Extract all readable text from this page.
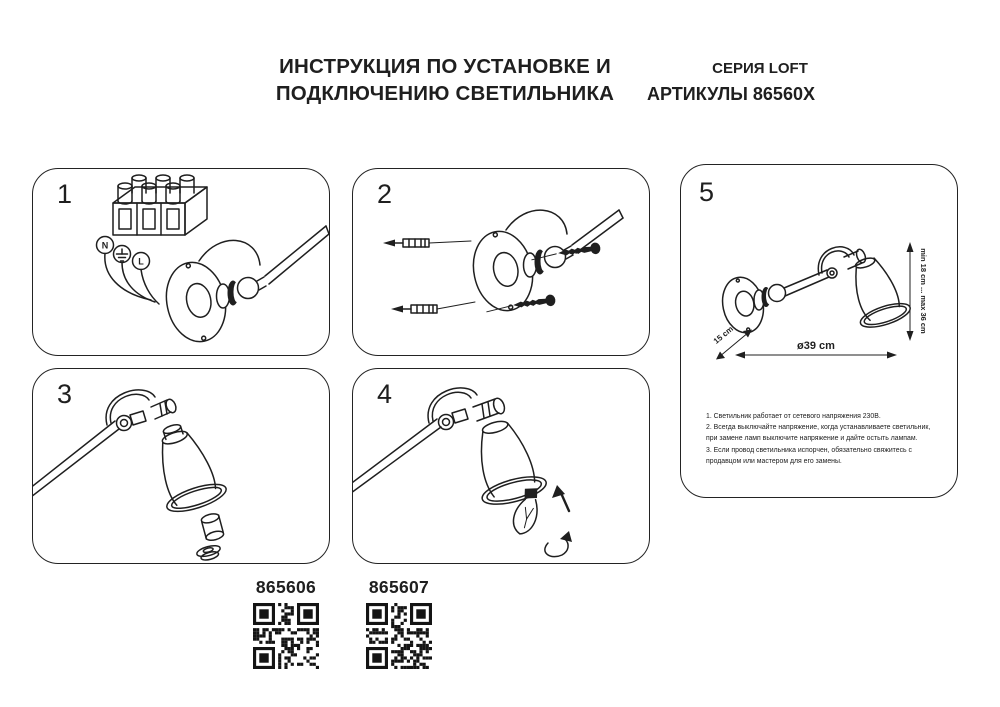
ИНСТРУКЦИЯ ПО УСТАНОВКЕ И
ПОДКЛЮЧЕНИЮ СВЕТИЛЬНИКА
СЕРИЯ LOFT
АРТИКУЛЫ 86560X
1
N
L
2
3	4
5
min 18 cm ... max 36 cm
ø39 cm
15 cm
1. Светильник работает от сетевого напряжения 230В.
2. Всегда выключайте напряжение, когда устанавливаете светильник, при замене ламп выключите напряжение и дайте остыть лампам.
3. Если провод светильника испорчен, обязательно свяжитесь с продавцом или мастером для его замены.
865606	865607
